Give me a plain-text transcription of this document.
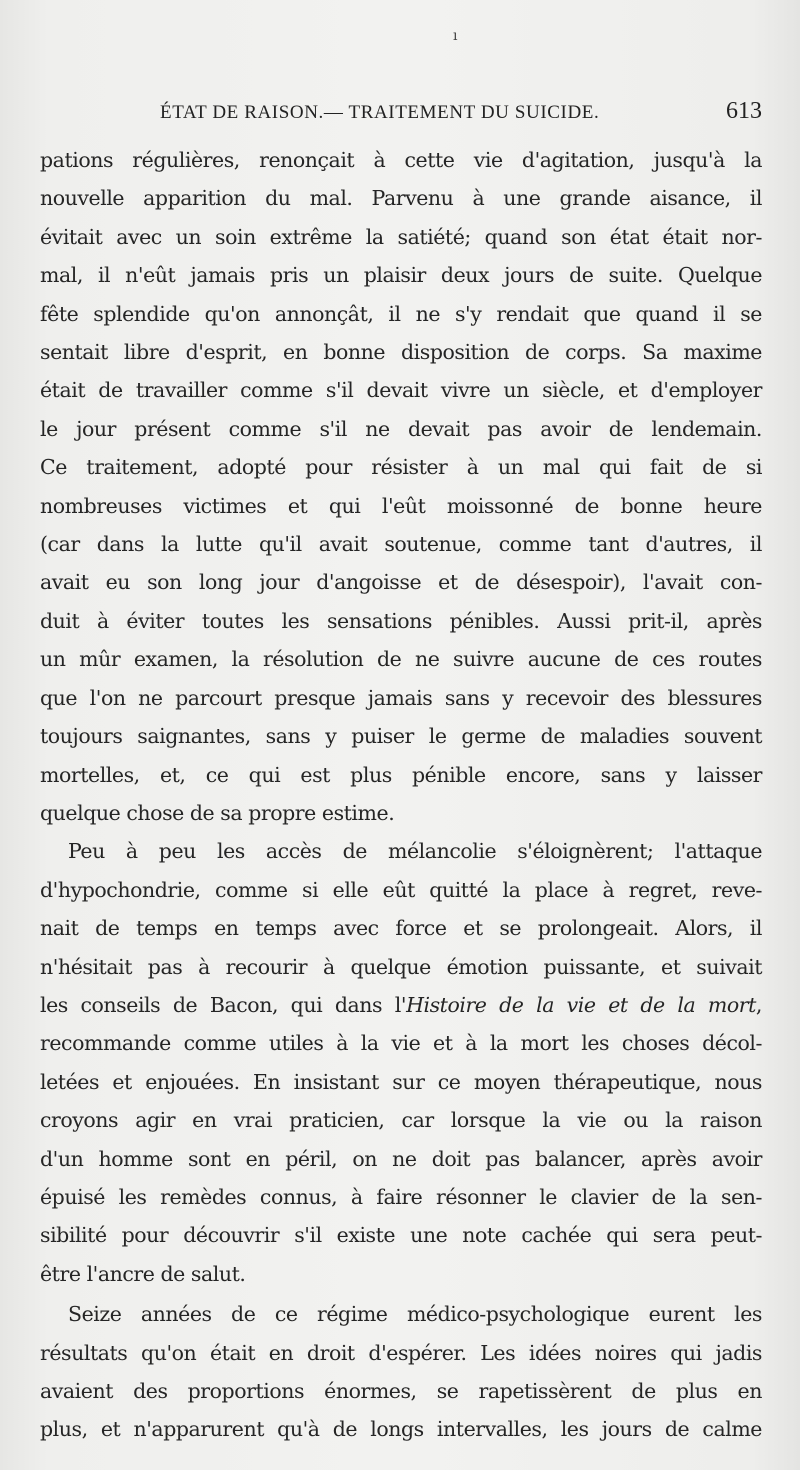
ı
ÉTAT DE RAISON.— TRAITEMENT DU SUICIDE.	613
pations régulières, renonçait à cette vie d'agitation, jusqu'à la
nouvelle apparition du mal. Parvenu à une grande aisance, il
évitait avec un soin extrême la satiété; quand son état était nor-
mal, il n'eût jamais pris un plaisir deux jours de suite. Quelque
fête splendide qu'on annonçât, il ne s'y rendait que quand il se
sentait libre d'esprit, en bonne disposition de corps. Sa maxime
était de travailler comme s'il devait vivre un siècle, et d'employer
le jour présent comme s'il ne devait pas avoir de lendemain.
Ce traitement, adopté pour résister à un mal qui fait de si
nombreuses victimes et qui l'eût moissonné de bonne heure
(car dans la lutte qu'il avait soutenue, comme tant d'autres, il
avait eu son long jour d'angoisse et de désespoir), l'avait con-
duit à éviter toutes les sensations pénibles. Aussi prit-il, après
un mûr examen, la résolution de ne suivre aucune de ces routes
que l'on ne parcourt presque jamais sans y recevoir des blessures
toujours saignantes, sans y puiser le germe de maladies souvent
mortelles, et, ce qui est plus pénible encore, sans y laisser
quelque chose de sa propre estime.
Peu à peu les accès de mélancolie s'éloignèrent; l'attaque
d'hypochondrie, comme si elle eût quitté la place à regret, reve-
nait de temps en temps avec force et se prolongeait. Alors, il
n'hésitait pas à recourir à quelque émotion puissante, et suivait
les conseils de Bacon, qui dans l'Histoire de la vie et de la mort,
recommande comme utiles à la vie et à la mort les choses décol-
letées et enjouées. En insistant sur ce moyen thérapeutique, nous
croyons agir en vrai praticien, car lorsque la vie ou la raison
d'un homme sont en péril, on ne doit pas balancer, après avoir
épuisé les remèdes connus, à faire résonner le clavier de la sen-
sibilité pour découvrir s'il existe une note cachée qui sera peut-
être l'ancre de salut.
Seize années de ce régime médico-psychologique eurent les
résultats qu'on était en droit d'espérer. Les idées noires qui jadis
avaient des proportions énormes, se rapetissèrent de plus en
plus, et n'apparurent qu'à de longs intervalles, les jours de calme
